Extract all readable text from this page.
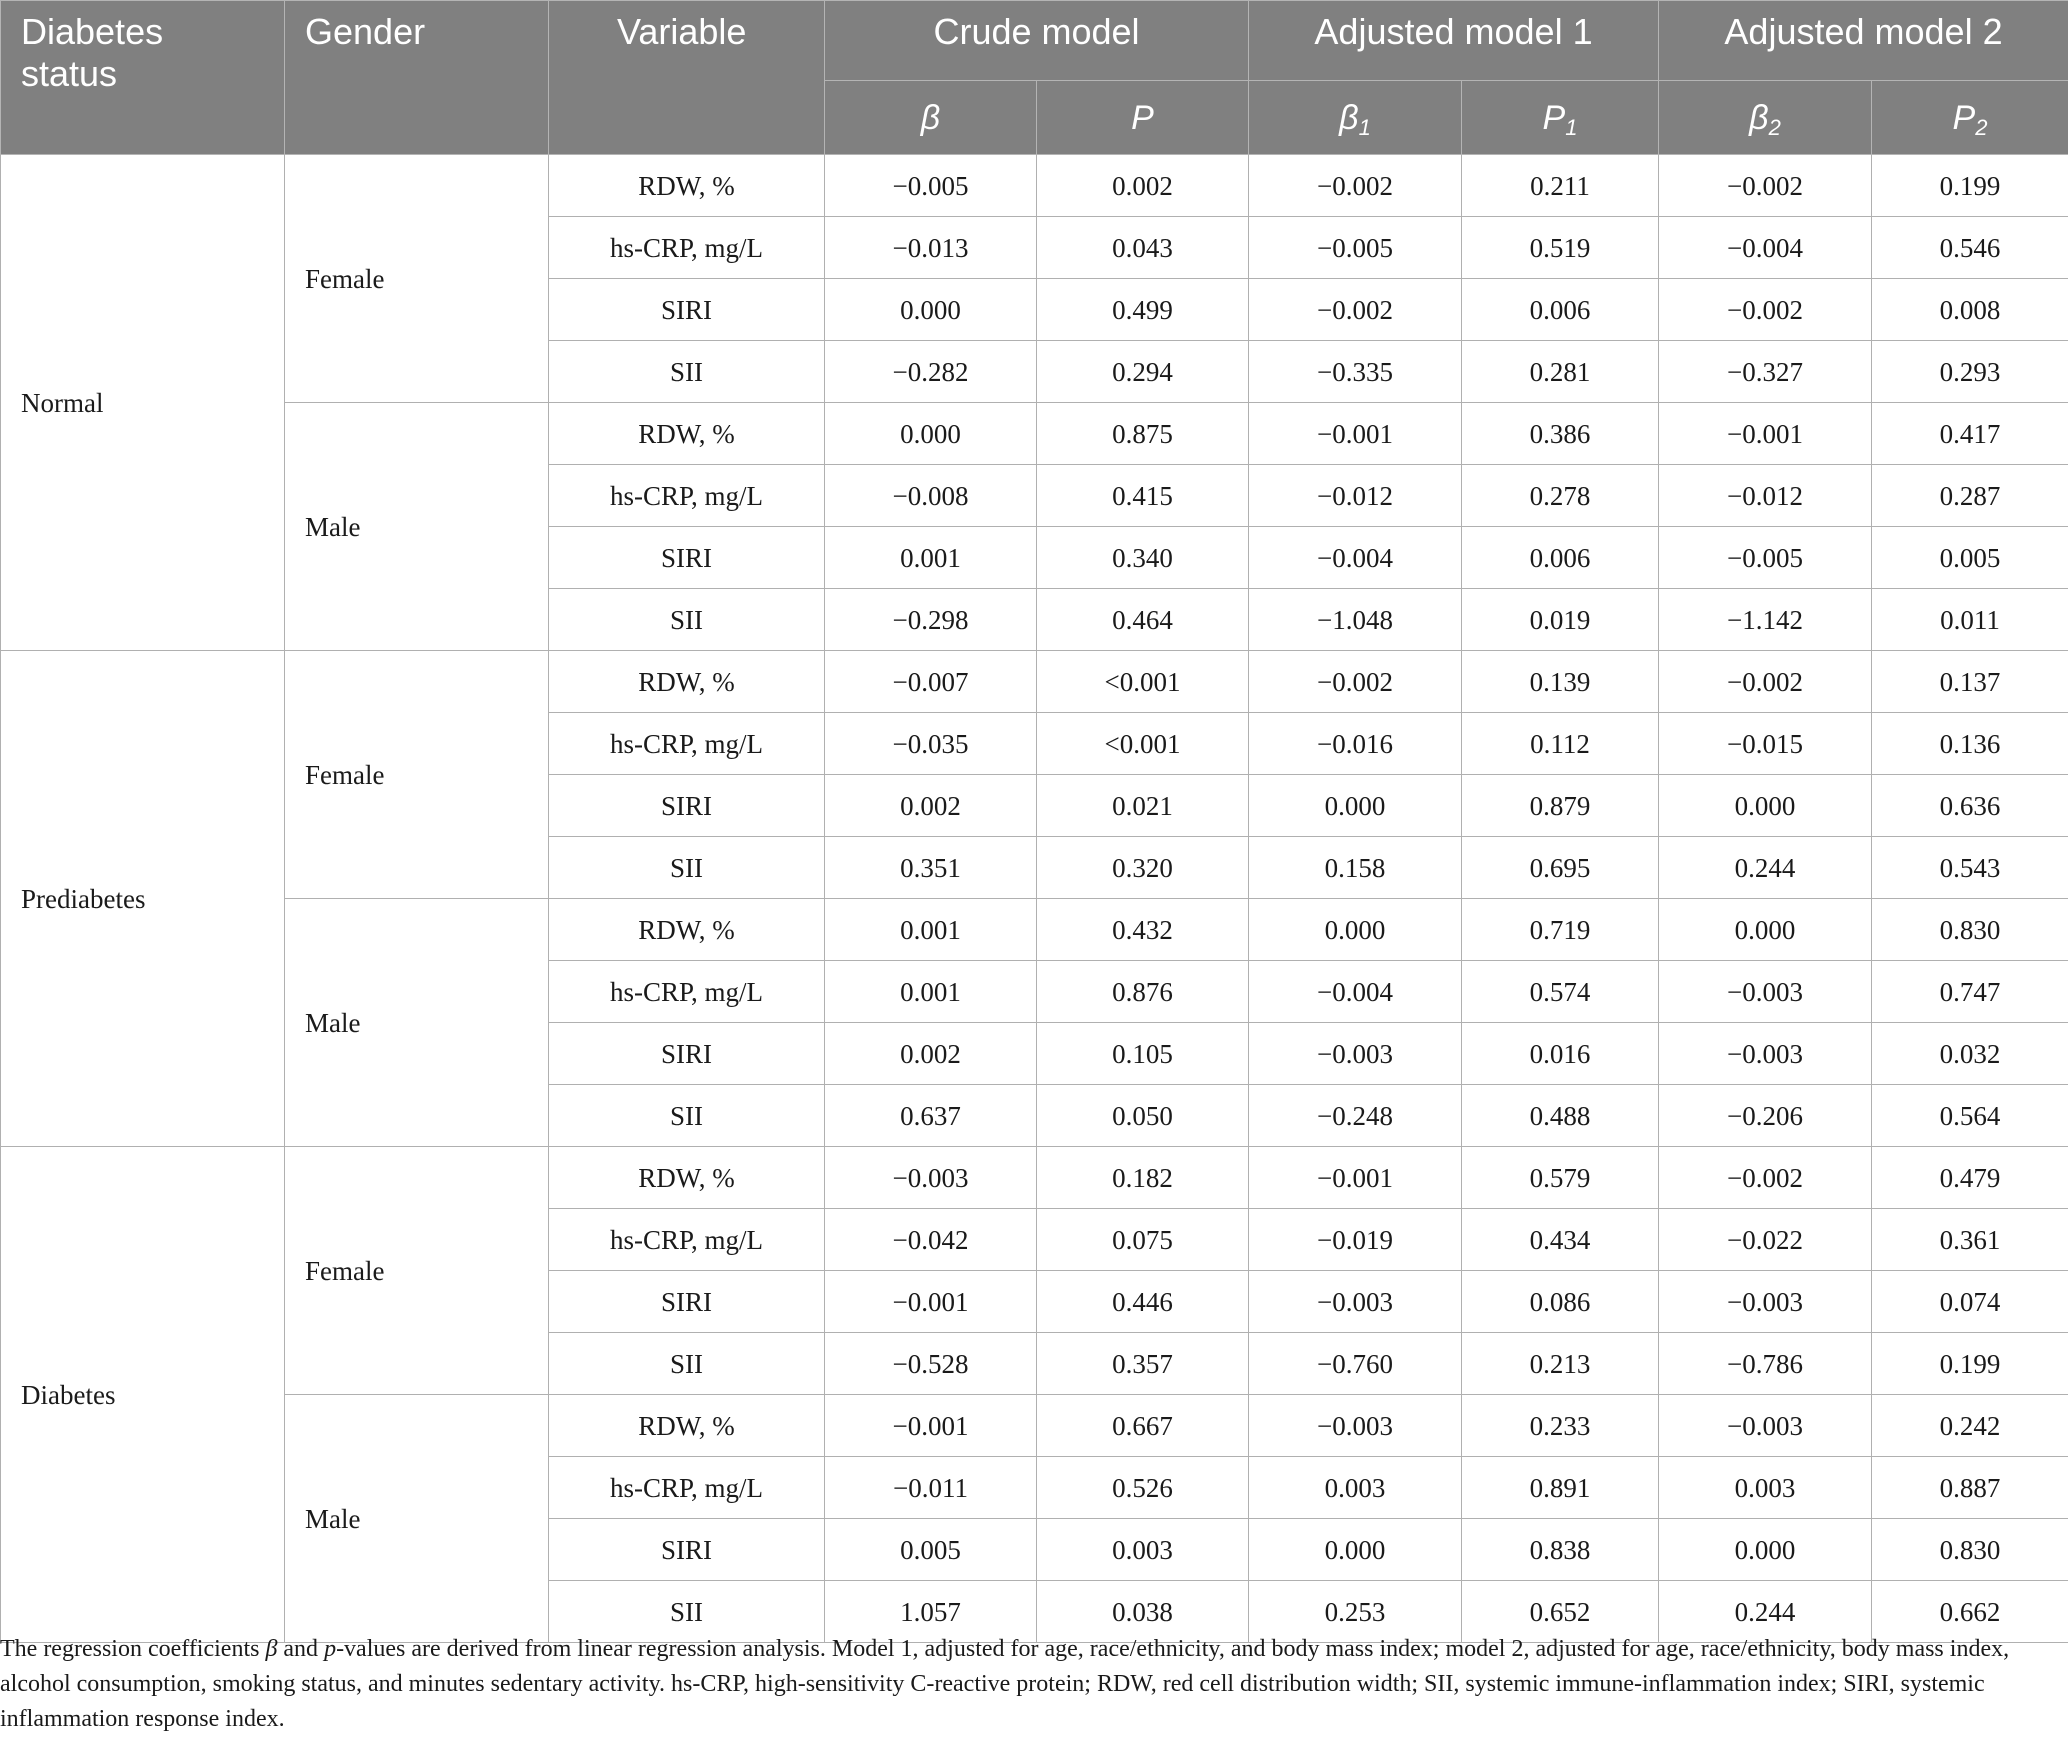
Diabetes status	Gender	Variable	Crude model		Adjusted model 1		Adjusted model 2	
			β	P	$\beta_1$	$P_1$	$\beta_2$	$P_2$
Normal	Female	RDW, %	−0.005	0.002	−0.002	0.211	−0.002	0.199
		hs-CRP, mg/L	−0.013	0.043	−0.005	0.519	−0.004	0.546
		SIRI	0.000	0.499	−0.002	0.006	−0.002	0.008
		SII	−0.282	0.294	−0.335	0.281	−0.327	0.293
	Male	RDW, %	0.000	0.875	−0.001	0.386	−0.001	0.417
		hs-CRP, mg/L	−0.008	0.415	−0.012	0.278	−0.012	0.287
		SIRI	0.001	0.340	−0.004	0.006	−0.005	0.005
		SII	−0.298	0.464	−1.048	0.019	−1.142	0.011
Prediabetes	Female	RDW, %	−0.007	<0.001	−0.002	0.139	−0.002	0.137
		hs-CRP, mg/L	−0.035	<0.001	−0.016	0.112	−0.015	0.136
		SIRI	0.002	0.021	0.000	0.879	0.000	0.636
		SII	0.351	0.320	0.158	0.695	0.244	0.543
	Male	RDW, %	0.001	0.432	0.000	0.719	0.000	0.830
		hs-CRP, mg/L	0.001	0.876	−0.004	0.574	−0.003	0.747
		SIRI	0.002	0.105	−0.003	0.016	−0.003	0.032
		SII	0.637	0.050	−0.248	0.488	−0.206	0.564
Diabetes	Female	RDW, %	−0.003	0.182	−0.001	0.579	−0.002	0.479
		hs-CRP, mg/L	−0.042	0.075	−0.019	0.434	−0.022	0.361
		SIRI	−0.001	0.446	−0.003	0.086	−0.003	0.074
		SII	−0.528	0.357	−0.760	0.213	−0.786	0.199
	Male	RDW, %	−0.001	0.667	−0.003	0.233	−0.003	0.242
		hs-CRP, mg/L	−0.011	0.526	0.003	0.891	0.003	0.887
		SIRI	0.005	0.003	0.000	0.838	0.000	0.830
		SII	1.057	0.038	0.253	0.652	0.244	0.662
The regression coefficients β and p-values are derived from linear regression analysis. Model 1, adjusted for age, race/ethnicity, and body mass index; model 2, adjusted for age, race/ethnicity, body mass index, alcohol consumption, smoking status, and minutes sedentary activity. hs-CRP, high-sensitivity C-reactive protein; RDW, red cell distribution width; SII, systemic immune-inflammation index; SIRI, systemic inflammation response index.
